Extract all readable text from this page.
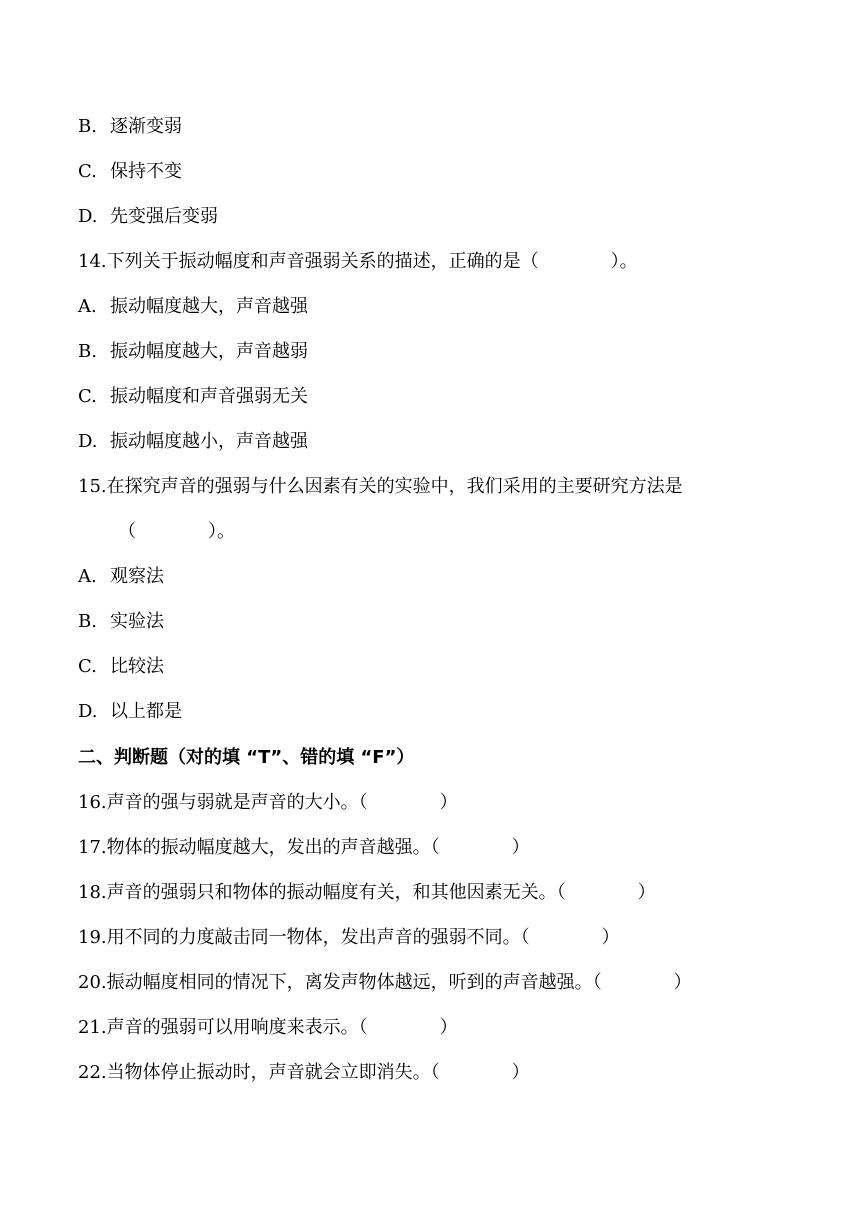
B. 逐渐变弱
C. 保持不变
D. 先变强后变弱
14.下列关于振动幅度和声音强弱关系的描述，正确的是（　　　　）。
A. 振动幅度越大，声音越强
B. 振动幅度越大，声音越弱
C. 振动幅度和声音强弱无关
D. 振动幅度越小，声音越强
15.在探究声音的强弱与什么因素有关的实验中，我们采用的主要研究方法是
（　　　　）。
A. 观察法
B. 实验法
C. 比较法
D. 以上都是
二、判断题（对的填 “T”、错的填 “F”）
16.声音的强与弱就是声音的大小。（　　　　）
17.物体的振动幅度越大，发出的声音越强。（　　　　）
18.声音的强弱只和物体的振动幅度有关，和其他因素无关。（　　　　）
19.用不同的力度敲击同一物体，发出声音的强弱不同。（　　　　）
20.振动幅度相同的情况下，离发声物体越远，听到的声音越强。（　　　　）
21.声音的强弱可以用响度来表示。（　　　　）
22.当物体停止振动时，声音就会立即消失。（　　　　）
